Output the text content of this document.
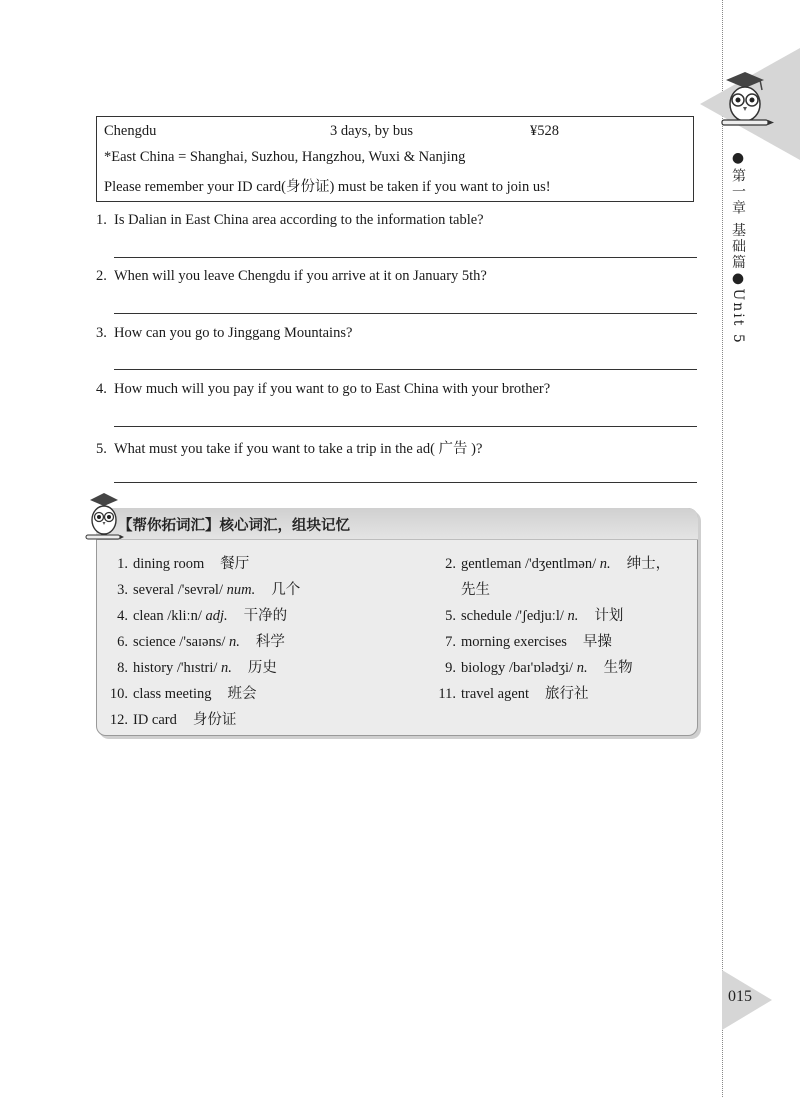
●第一章 基础篇●Unit 5
015
Chengdu	3 days, by bus	¥528
*East China = Shanghai, Suzhou, Hangzhou, Wuxi & Nanjing
Please remember your ID card(身份证) must be taken if you want to join us!
1. Is Dalian in East China area according to the information table?
2. When will you leave Chengdu if you arrive at it on January 5th?
3. How can you go to Jinggang Mountains?
4. How much will you pay if you want to go to East China with your brother?
5. What must you take if you want to take a trip in the ad( 广告 )?
【帮你拓词汇】核心词汇，组块记忆
1. dining room 餐厅
3. several /'sevrəl/ num. 几个
4. clean /kliːn/ adj. 干净的
6. science /'saɪəns/ n. 科学
8. history /'hɪstri/ n. 历史
10. class meeting 班会
12. ID card 身份证
2. gentleman /'dʒentlmən/ n. 绅士，
先生
5. schedule /'ʃedjuːl/ n. 计划
7. morning exercises 早操
9. biology /baɪ'ɒlədʒi/ n. 生物
11. travel agent 旅行社
